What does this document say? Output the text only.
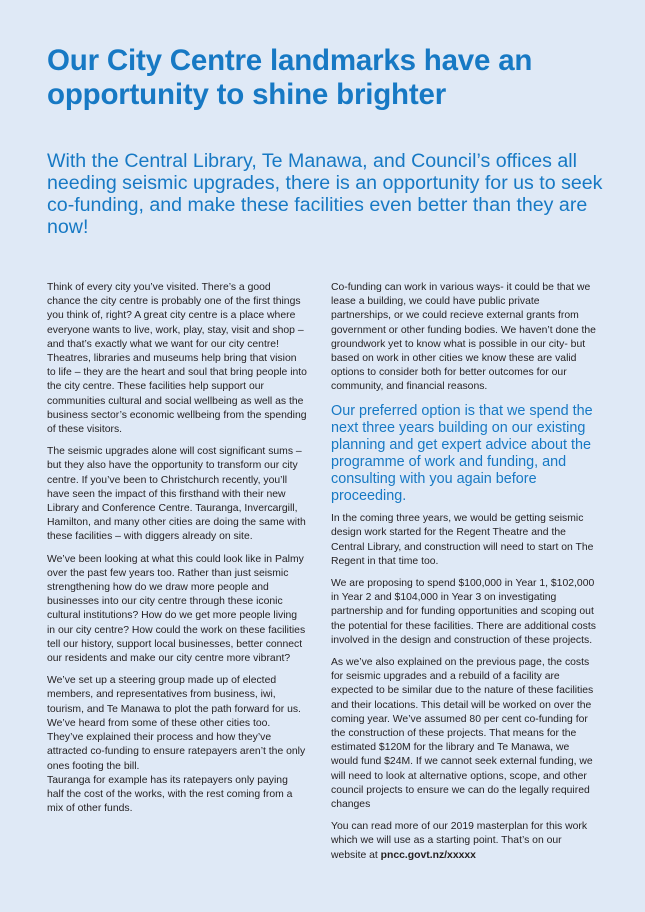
Our City Centre landmarks have an opportunity to shine brighter

With the Central Library, Te Manawa, and Council’s offices all needing seismic upgrades, there is an opportunity for us to seek co-funding, and make these facilities even better than they are now!

Think of every city you’ve visited. There’s a good chance the city centre is probably one of the first things you think of, right? A great city centre is a place where everyone wants to live, work, play, stay, visit and shop – and that’s exactly what we want for our city centre! Theatres, libraries and museums help bring that vision to life – they are the heart and soul that bring people into the city centre. These facilities help support our communities cultural and social wellbeing as well as the business sector’s economic wellbeing from the spending of these visitors.

The seismic upgrades alone will cost significant sums – but they also have the opportunity to transform our city centre. If you’ve been to Christchurch recently, you’ll have seen the impact of this firsthand with their new Library and Conference Centre. Tauranga, Invercargill, Hamilton, and many other cities are doing the same with these facilities – with diggers already on site.

We’ve been looking at what this could look like in Palmy over the past few years too. Rather than just seismic strengthening how do we draw more people and businesses into our city centre through these iconic cultural institutions? How do we get more people living in our city centre? How could the work on these facilities tell our history, support local businesses, better connect our residents and make our city centre more vibrant?

We’ve set up a steering group made up of elected members, and representatives from business, iwi, tourism, and Te Manawa to plot the path forward for us. We’ve heard from some of these other cities too. They’ve explained their process and how they’ve attracted co-funding to ensure ratepayers aren’t the only ones footing the bill.

Tauranga for example has its ratepayers only paying half the cost of the works, with the rest coming from a mix of other funds.

Co-funding can work in various ways- it could be that we lease a building, we could have public private partnerships, or we could recieve external grants from government or other funding bodies. We haven’t done the groundwork yet to know what is possible in our city- but based on work in other cities we know these are valid options to consider both for better outcomes for our community, and financial reasons.

Our preferred option is that we spend the next three years building on our existing planning and get expert advice about the programme of work and funding, and consulting with you again before proceeding.

In the coming three years, we would be getting seismic design work started for the Regent Theatre and the Central Library, and construction will need to start on The Regent in that time too.

We are proposing to spend $100,000 in Year 1, $102,000 in Year 2 and $104,000 in Year 3 on investigating partnership and for funding opportunities and scoping out the potential for these facilities. There are additional costs involved in the design and construction of these projects.

As we’ve also explained on the previous page, the costs for seismic upgrades and a rebuild of a facility are expected to be similar due to the nature of these facilities and their locations. This detail will be worked on over the coming year. We’ve assumed 80 per cent co-funding for the construction of these projects. That means for the estimated $120M for the library and Te Manawa, we would fund $24M. If we cannot seek external funding, we will need to look at alternative options, scope, and other council projects to ensure we can do the legally required changes

You can read more of our 2019 masterplan for this work which we will use as a starting point. That’s on our website at pncc.govt.nz/xxxxx
